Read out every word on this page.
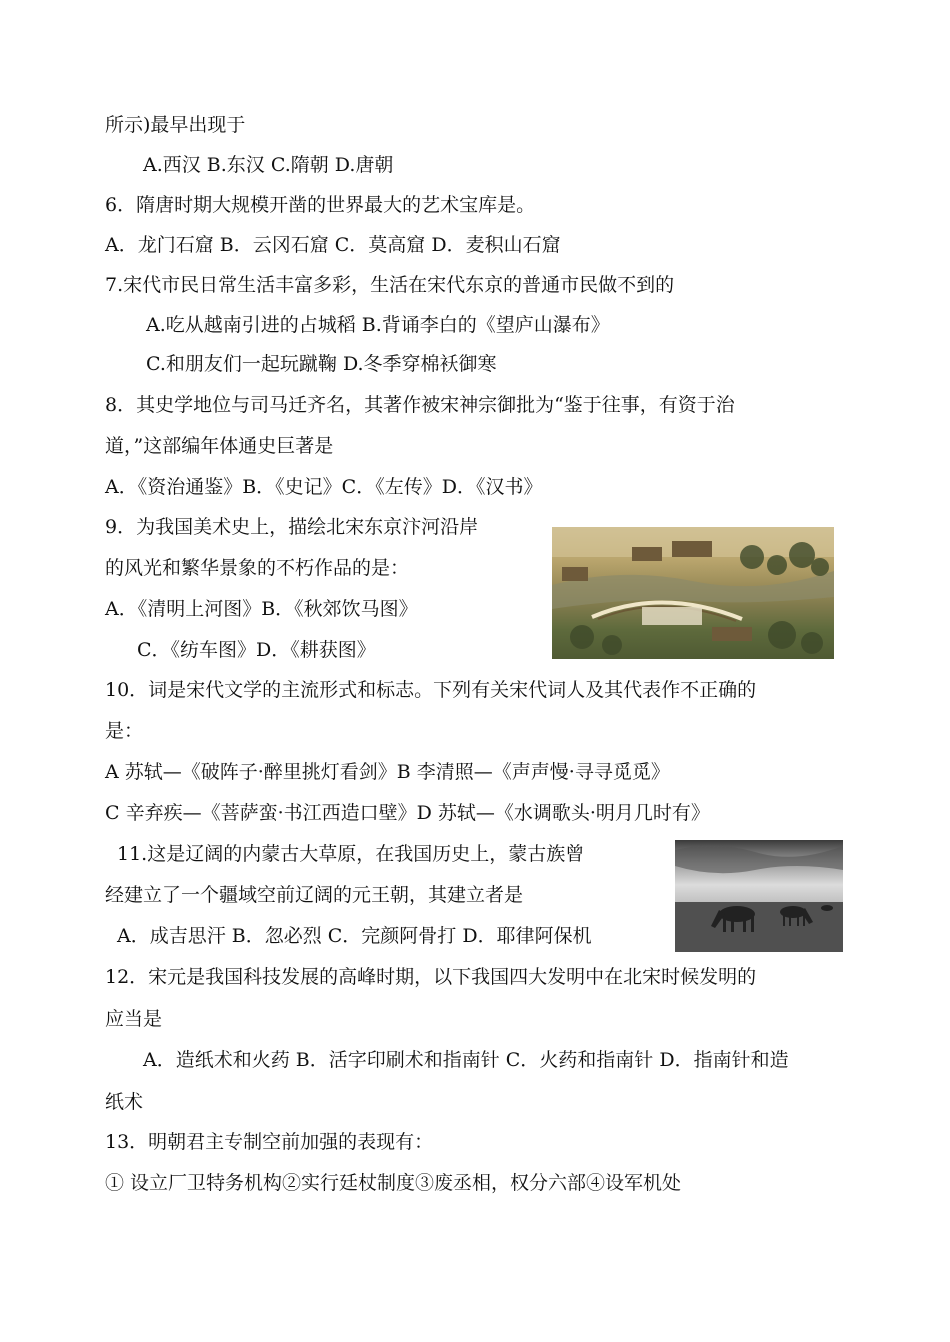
所示)最早出现于
A.西汉 B.东汉 C.隋朝 D.唐朝
6．隋唐时期大规模开凿的世界最大的艺术宝库是。
A．龙门石窟 B．云冈石窟 C．莫高窟 D．麦积山石窟
7.宋代市民日常生活丰富多彩，生活在宋代东京的普通市民做不到的
A.吃从越南引进的占城稻 B.背诵李白的《望庐山瀑布》
C.和朋友们一起玩蹴鞠 D.冬季穿棉袄御寒
8．其史学地位与司马迁齐名，其著作被宋神宗御批为“鉴于往事，有资于治
道，”这部编年体通史巨著是
A．《资治通鉴》B．《史记》C．《左传》D．《汉书》
9．为我国美术史上，描绘北宋东京汴河沿岸
的风光和繁华景象的不朽作品的是：
A．《清明上河图》B．《秋郊饮马图》
C．《纺车图》D．《耕获图》
10．词是宋代文学的主流形式和标志。下列有关宋代词人及其代表作不正确的
是：
A 苏轼—《破阵子·醉里挑灯看剑》B 李清照—《声声慢·寻寻觅觅》
C 辛弃疾—《菩萨蛮·书江西造口壁》D 苏轼—《水调歌头·明月几时有》
11.这是辽阔的内蒙古大草原，在我国历史上，蒙古族曾
经建立了一个疆域空前辽阔的元王朝，其建立者是
A．成吉思汗 B．忽必烈 C．完颜阿骨打 D．耶律阿保机
12．宋元是我国科技发展的高峰时期，以下我国四大发明中在北宋时候发明的
应当是
A．造纸术和火药 B．活字印刷术和指南针 C．火药和指南针 D．指南针和造
纸术
13．明朝君主专制空前加强的表现有：
① 设立厂卫特务机构②实行廷杖制度③废丞相，权分六部④设军机处
